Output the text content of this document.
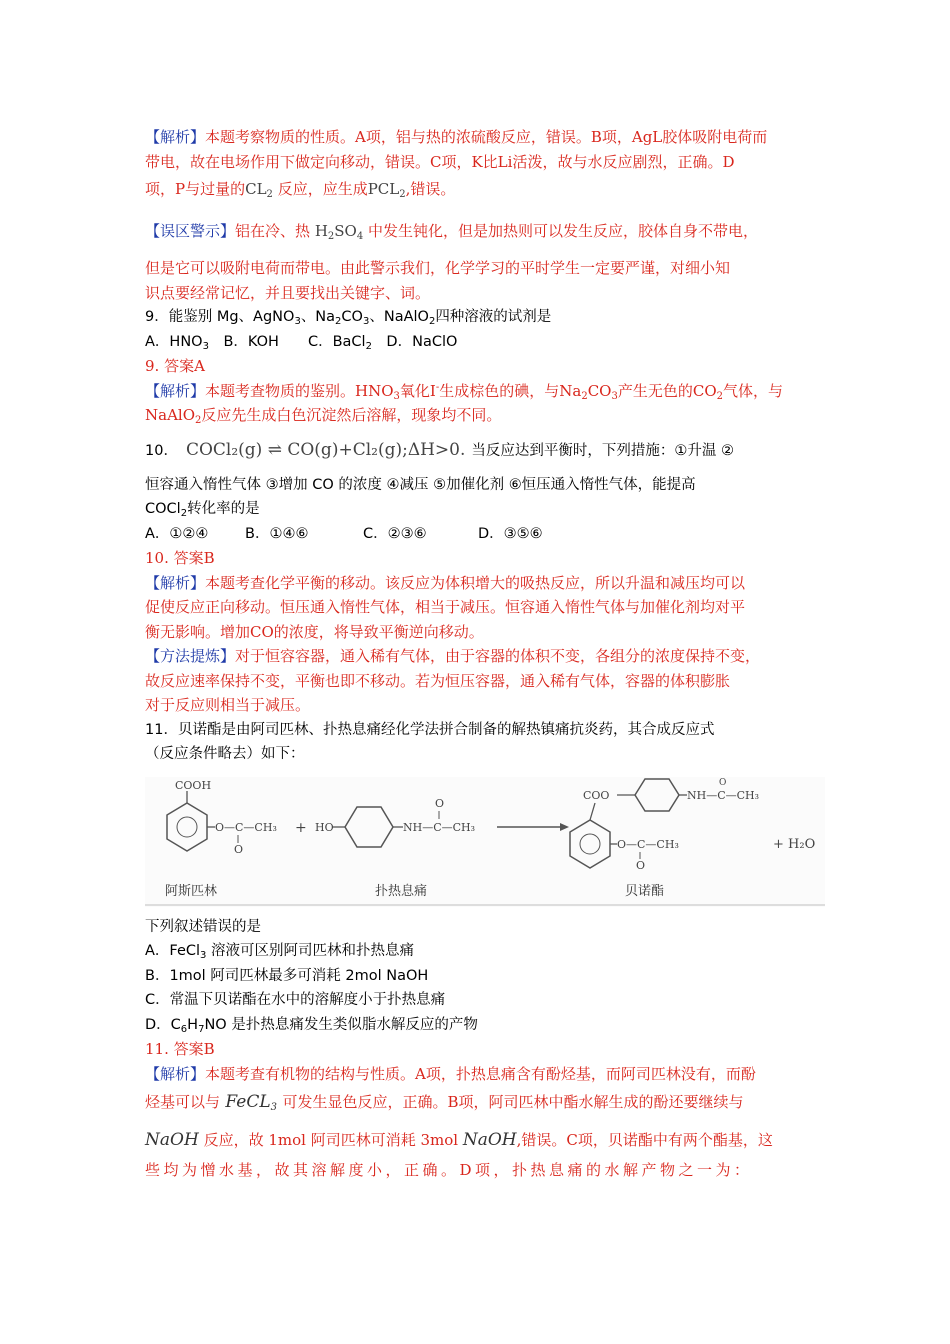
【解析】本题考察物质的性质。A项，铝与热的浓硫酸反应，错误。B项，AgL胶体吸附电荷而
带电，故在电场作用下做定向移动，错误。C项，K比Li活泼，故与水反应剧烈，正确。D
项，P与过量的$CL_2$ 反应，应生成$PCL_2$,错误。
【误区警示】铝在冷、热 $H_2SO_4$ 中发生钝化，但是加热则可以发生反应，胶体自身不带电，
但是它可以吸附电荷而带电。由此警示我们，化学学习的平时学生一定要严谨，对细小知
识点要经常记忆，并且要找出关键字、词。
9．能鉴别 Mg、AgNO$_3$、$Na_2CO_3$、NaAlO$_2$四种溶液的试剂是
A．$HNO_3$　B．KOH　　C．BaCl$_2$　D．NaClO
9. 答案A
【解析】本题考查物质的鉴别。$HNO_3$氧化I-生成棕色的碘，与$Na_2CO_3$产生无色的$CO_2$气体，与
NaAlO$_2$反应先生成白色沉淀然后溶解，现象均不同。
10． COCl₂(g) ⇌ CO(g)+Cl₂(g);ΔH>0. 当反应达到平衡时，下列措施：①升温 ②
恒容通入惰性气体 ③增加 CO 的浓度 ④减压 ⑤加催化剂 ⑥恒压通入惰性气体，能提高
COCl$_2$转化率的是
A．①②④	B．①④⑥	C．②③⑥	D．③⑤⑥
10. 答案B
【解析】本题考查化学平衡的移动。该反应为体积增大的吸热反应，所以升温和减压均可以
促使反应正向移动。恒压通入惰性气体，相当于减压。恒容通入惰性气体与加催化剂均对平
衡无影响。增加CO的浓度，将导致平衡逆向移动。
【方法提炼】对于恒容容器，通入稀有气体，由于容器的体积不变，各组分的浓度保持不变，
故反应速率保持不变，平衡也即不移动。若为恒压容器，通入稀有气体，容器的体积膨胀
对于反应则相当于减压。
11．贝诺酯是由阿司匹林、扑热息痛经化学法拼合制备的解热镇痛抗炎药，其合成反应式
（反应条件略去）如下：
COOH
O—C—CH₃
O
+ HO	NH—C—CH₃
O
COO	NH—C—CH₃
O
O—C—CH₃
O
+ H₂O
阿斯匹林	扑热息痛	贝诺酯
下列叙述错误的是
A．FeCl$_3$ 溶液可区别阿司匹林和扑热息痛
B．1mol 阿司匹林最多可消耗 2mol NaOH
C．常温下贝诺酯在水中的溶解度小于扑热息痛
D．$C_6H_7NO$ 是扑热息痛发生类似脂水解反应的产物
11. 答案B
【解析】本题考查有机物的结构与性质。A项，扑热息痛含有酚烃基，而阿司匹林没有，而酚
烃基可以与 FeCL$_3$ 可发生显色反应，正确。B项，阿司匹林中酯水解生成的酚还要继续与
NaOH 反应，故 1mol 阿司匹林可消耗 3mol NaOH,错误。C项，贝诺酯中有两个酯基，这
些均为憎水基，故其溶解度小，正确。D项，扑热息痛的水解产物之一为：
